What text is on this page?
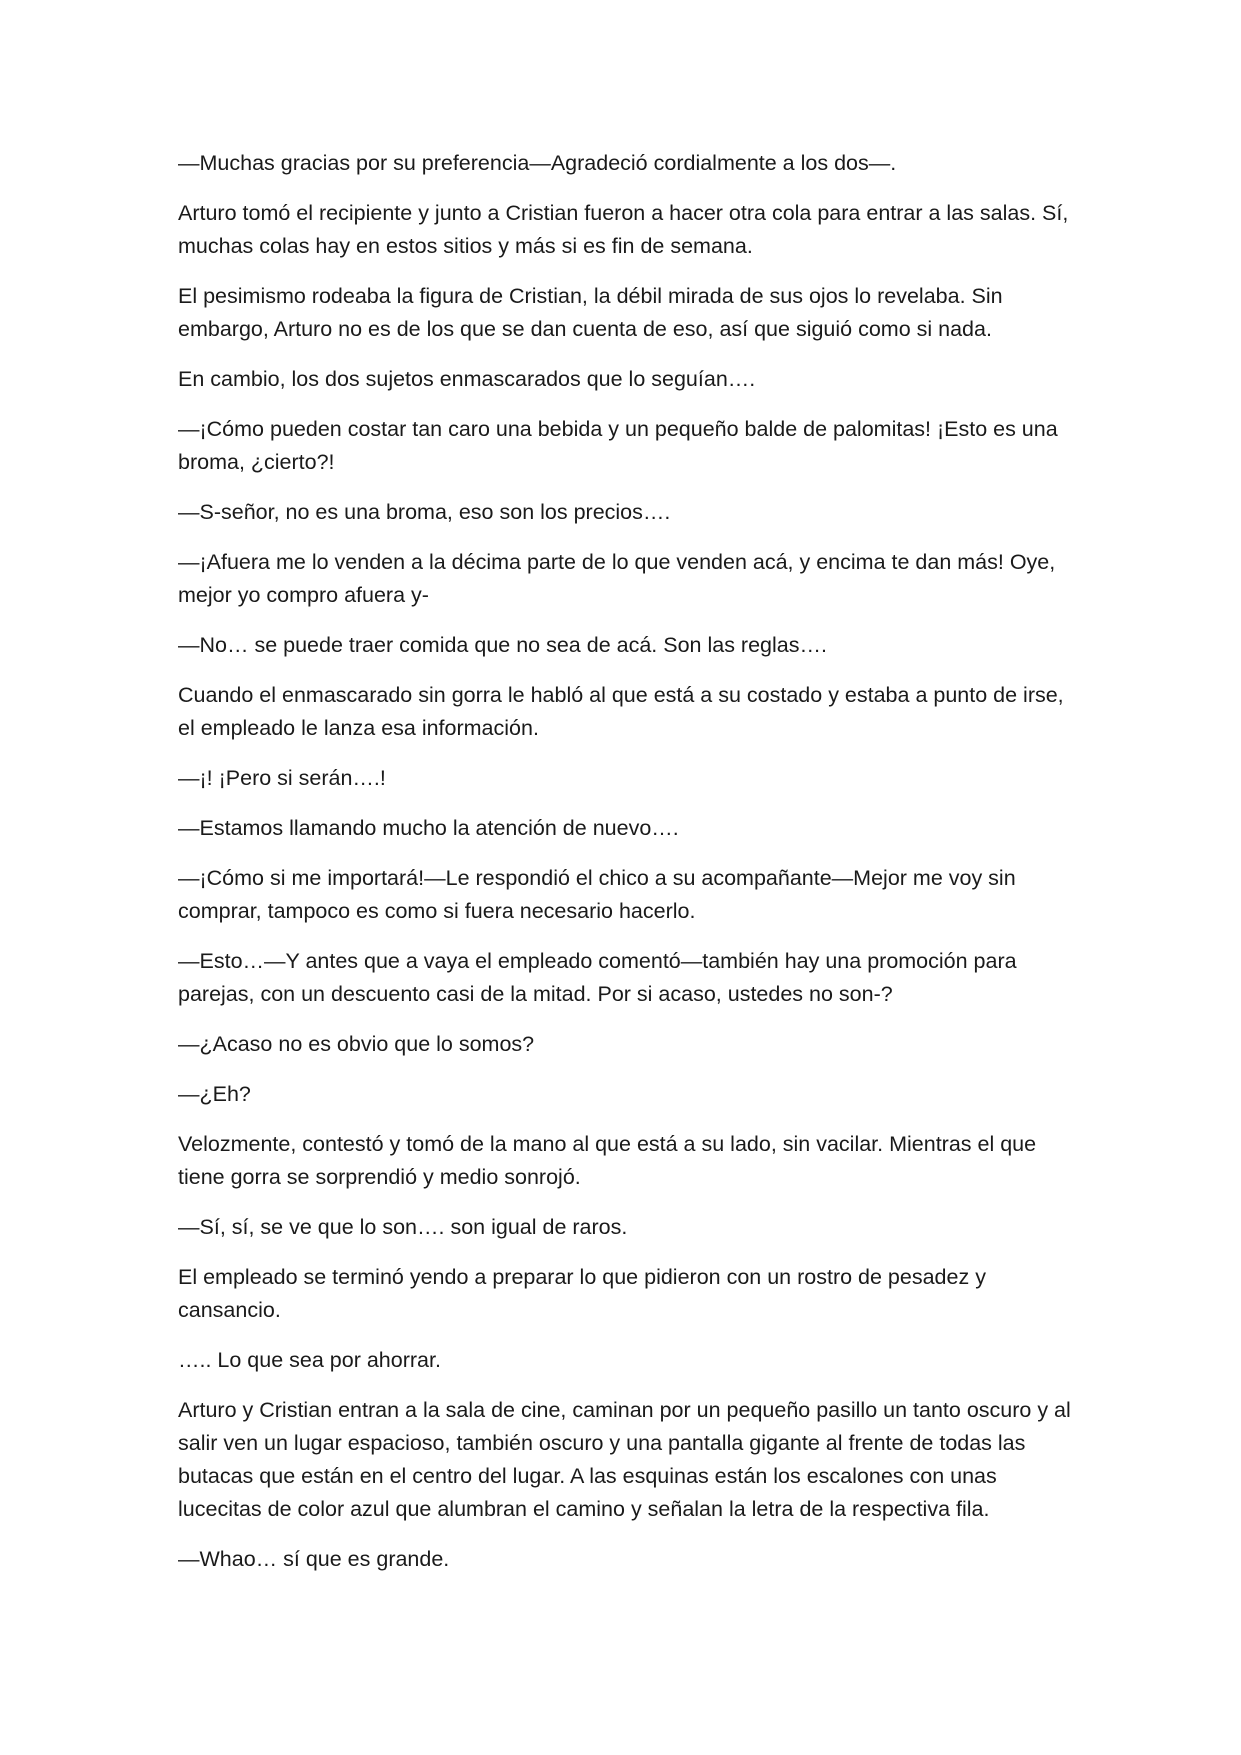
—Muchas gracias por su preferencia—Agradeció cordialmente a los dos—.

Arturo tomó el recipiente y junto a Cristian fueron a hacer otra cola para entrar a las salas. Sí, muchas colas hay en estos sitios y más si es fin de semana.

El pesimismo rodeaba la figura de Cristian, la débil mirada de sus ojos lo revelaba. Sin embargo, Arturo no es de los que se dan cuenta de eso, así que siguió como si nada.

En cambio, los dos sujetos enmascarados que lo seguían….

—¡Cómo pueden costar tan caro una bebida y un pequeño balde de palomitas! ¡Esto es una broma, ¿cierto?!

—S-señor, no es una broma, eso son los precios….

—¡Afuera me lo venden a la décima parte de lo que venden acá, y encima te dan más! Oye, mejor yo compro afuera y-

—No… se puede traer comida que no sea de acá. Son las reglas….

Cuando el enmascarado sin gorra le habló al que está a su costado y estaba a punto de irse, el empleado le lanza esa información.

—¡! ¡Pero si serán….!

—Estamos llamando mucho la atención de nuevo….

—¡Cómo si me importará!—Le respondió el chico a su acompañante—Mejor me voy sin comprar, tampoco es como si fuera necesario hacerlo.

—Esto…—Y antes que a vaya el empleado comentó—también hay una promoción para parejas, con un descuento casi de la mitad. Por si acaso, ustedes no son-?

—¿Acaso no es obvio que lo somos?

—¿Eh?

Velozmente, contestó y tomó de la mano al que está a su lado, sin vacilar. Mientras el que tiene gorra se sorprendió y medio sonrojó.

—Sí, sí, se ve que lo son…. son igual de raros.

El empleado se terminó yendo a preparar lo que pidieron con un rostro de pesadez y cansancio.

….. Lo que sea por ahorrar.

Arturo y Cristian entran a la sala de cine, caminan por un pequeño pasillo un tanto oscuro y al salir ven un lugar espacioso, también oscuro y una pantalla gigante al frente de todas las butacas que están en el centro del lugar. A las esquinas están los escalones con unas lucecitas de color azul que alumbran el camino y señalan la letra de la respectiva fila.

—Whao… sí que es grande.
